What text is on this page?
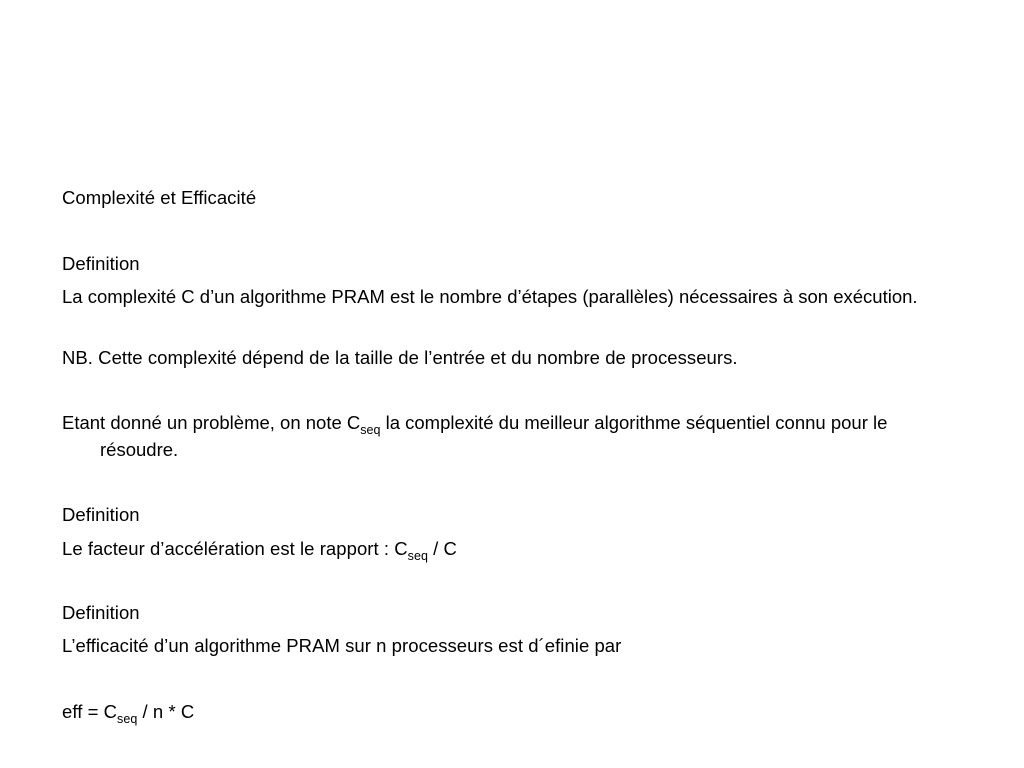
Complexité et Efficacité
Definition
La complexité C d’un algorithme PRAM est le nombre d’étapes (parallèles) nécessaires à son exécution.
NB. Cette complexité dépend de la taille de l’entrée et du nombre de processeurs.
Etant donné un problème, on note $C_{seq}$ la complexité du meilleur algorithme séquentiel connu pour le résoudre.
Definition
Le facteur d’accélération est le rapport : $C_{seq}$ / C
Definition
L’efficacité d’un algorithme PRAM sur n processeurs est d´efinie par
eff = $C_{seq}$ / n * C
